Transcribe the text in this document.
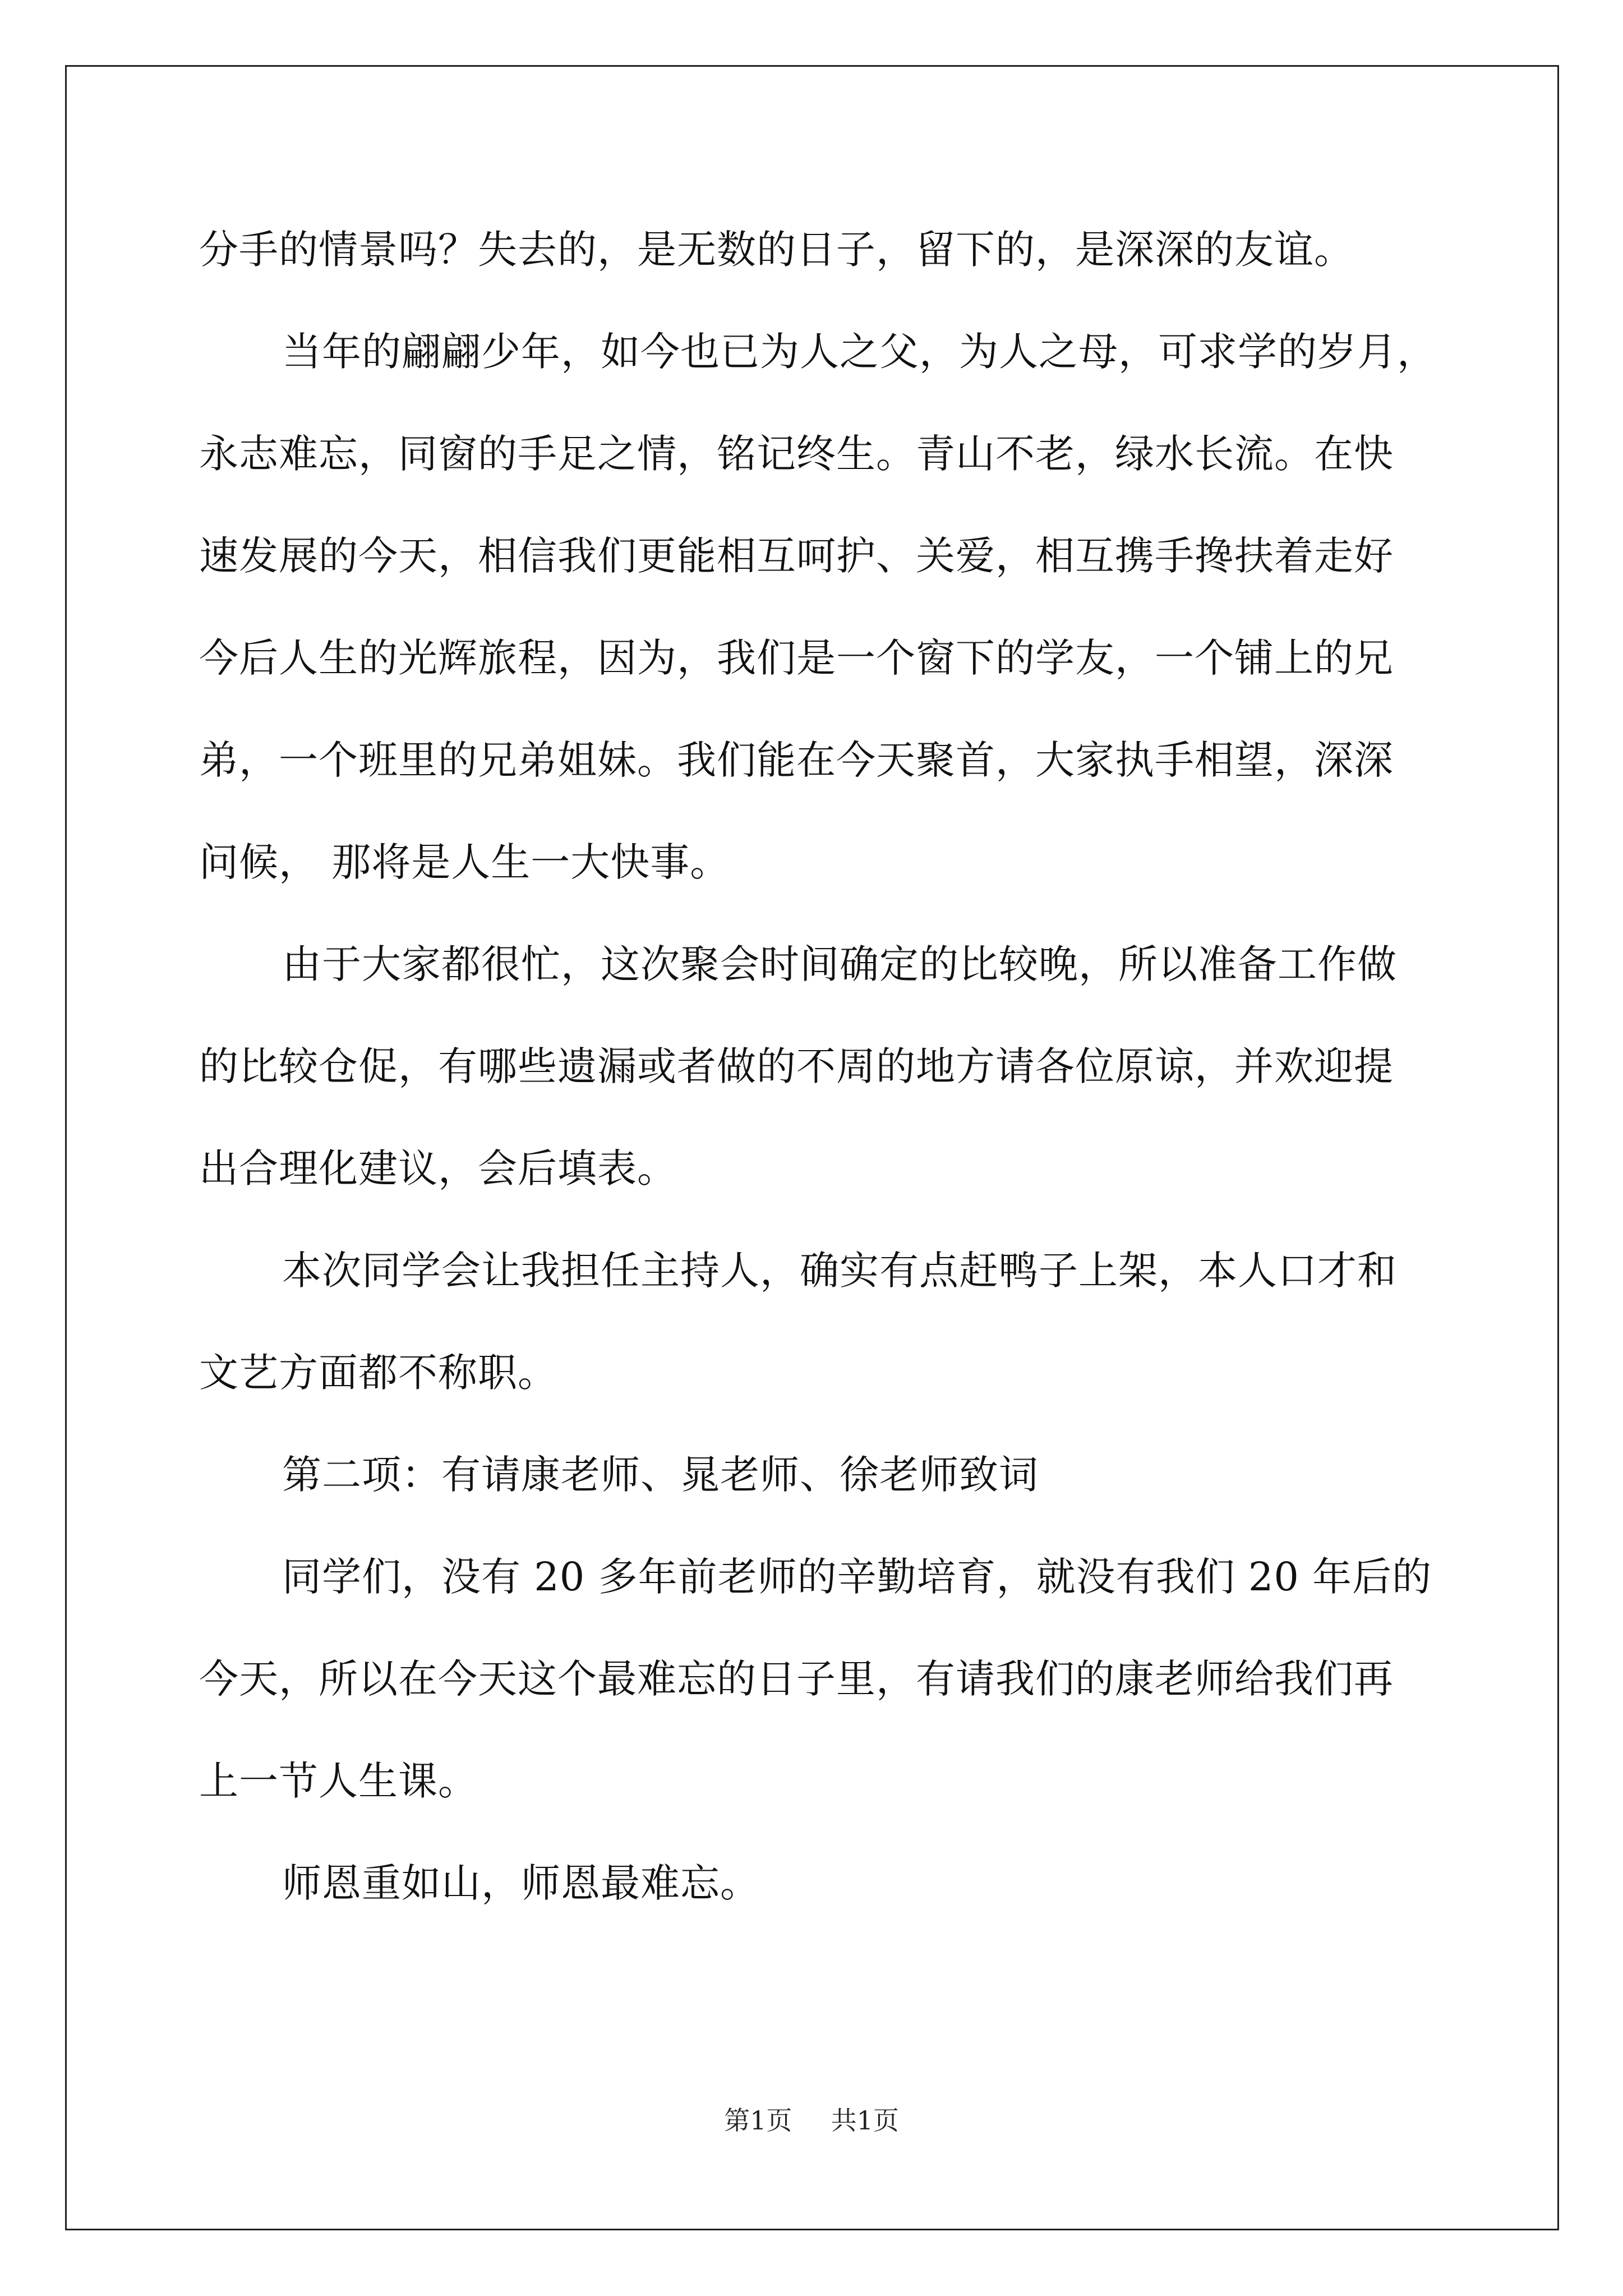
分手的情景吗？失去的，是无数的日子，留下的，是深深的友谊。
当年的翩翩少年，如今也已为人之父，为人之母，可求学的岁月，
永志难忘，同窗的手足之情，铭记终生。青山不老，绿水长流。在快
速发展的今天，相信我们更能相互呵护、关爱，相互携手搀扶着走好
今后人生的光辉旅程，因为，我们是一个窗下的学友，一个铺上的兄
弟，一个班里的兄弟姐妹。我们能在今天聚首，大家执手相望，深深
问候， 那将是人生一大快事。
由于大家都很忙，这次聚会时间确定的比较晚，所以准备工作做
的比较仓促，有哪些遗漏或者做的不周的地方请各位原谅，并欢迎提
出合理化建议，会后填表。
本次同学会让我担任主持人，确实有点赶鸭子上架，本人口才和
文艺方面都不称职。
第二项：有请康老师、晁老师、徐老师致词
同学们，没有 20 多年前老师的辛勤培育，就没有我们 20 年后的
今天，所以在今天这个最难忘的日子里，有请我们的康老师给我们再
上一节人生课。
师恩重如山，师恩最难忘。
第1页 共1页
